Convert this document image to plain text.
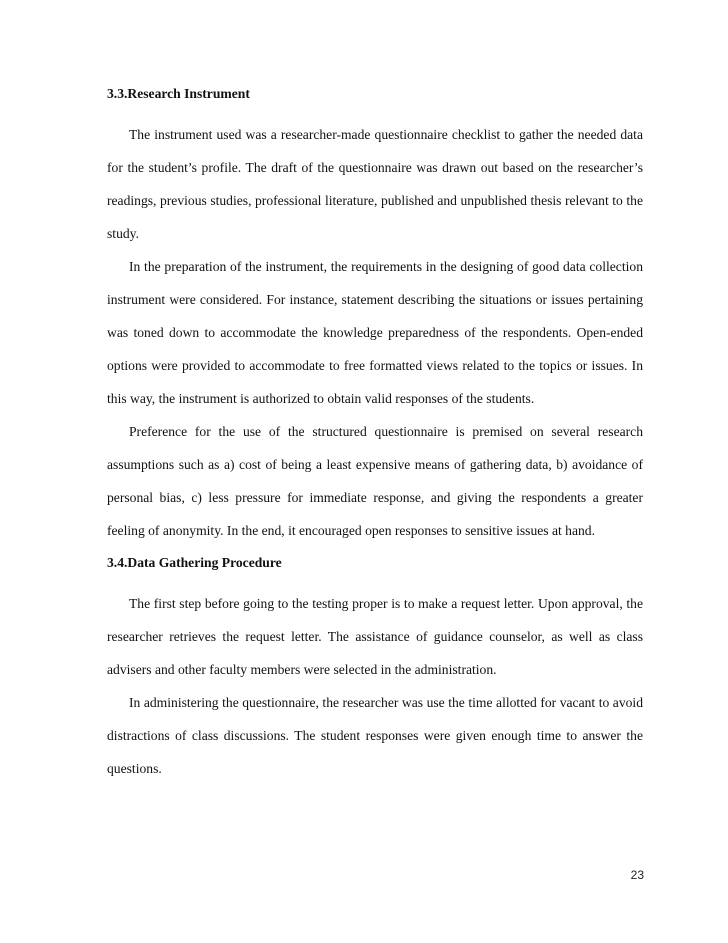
3.3.Research Instrument

The instrument used was a researcher-made questionnaire checklist to gather the needed data for the student’s profile. The draft of the questionnaire was drawn out based on the researcher’s readings, previous studies, professional literature, published and unpublished thesis relevant to the study.

In the preparation of the instrument, the requirements in the designing of good data collection instrument were considered. For instance, statement describing the situations or issues pertaining was toned down to accommodate the knowledge preparedness of the respondents. Open-ended options were provided to accommodate to free formatted views related to the topics or issues. In this way, the instrument is authorized to obtain valid responses of the students.

Preference for the use of the structured questionnaire is premised on several research assumptions such as a) cost of being a least expensive means of gathering data, b) avoidance of personal bias, c) less pressure for immediate response, and giving the respondents a greater feeling of anonymity. In the end, it encouraged open responses to sensitive issues at hand.

3.4.Data Gathering Procedure

The first step before going to the testing proper is to make a request letter. Upon approval, the researcher retrieves the request letter. The assistance of guidance counselor, as well as class advisers and other faculty members were selected in the administration.

In administering the questionnaire, the researcher was use the time allotted for vacant to avoid distractions of class discussions. The student responses were given enough time to answer the questions.

23
